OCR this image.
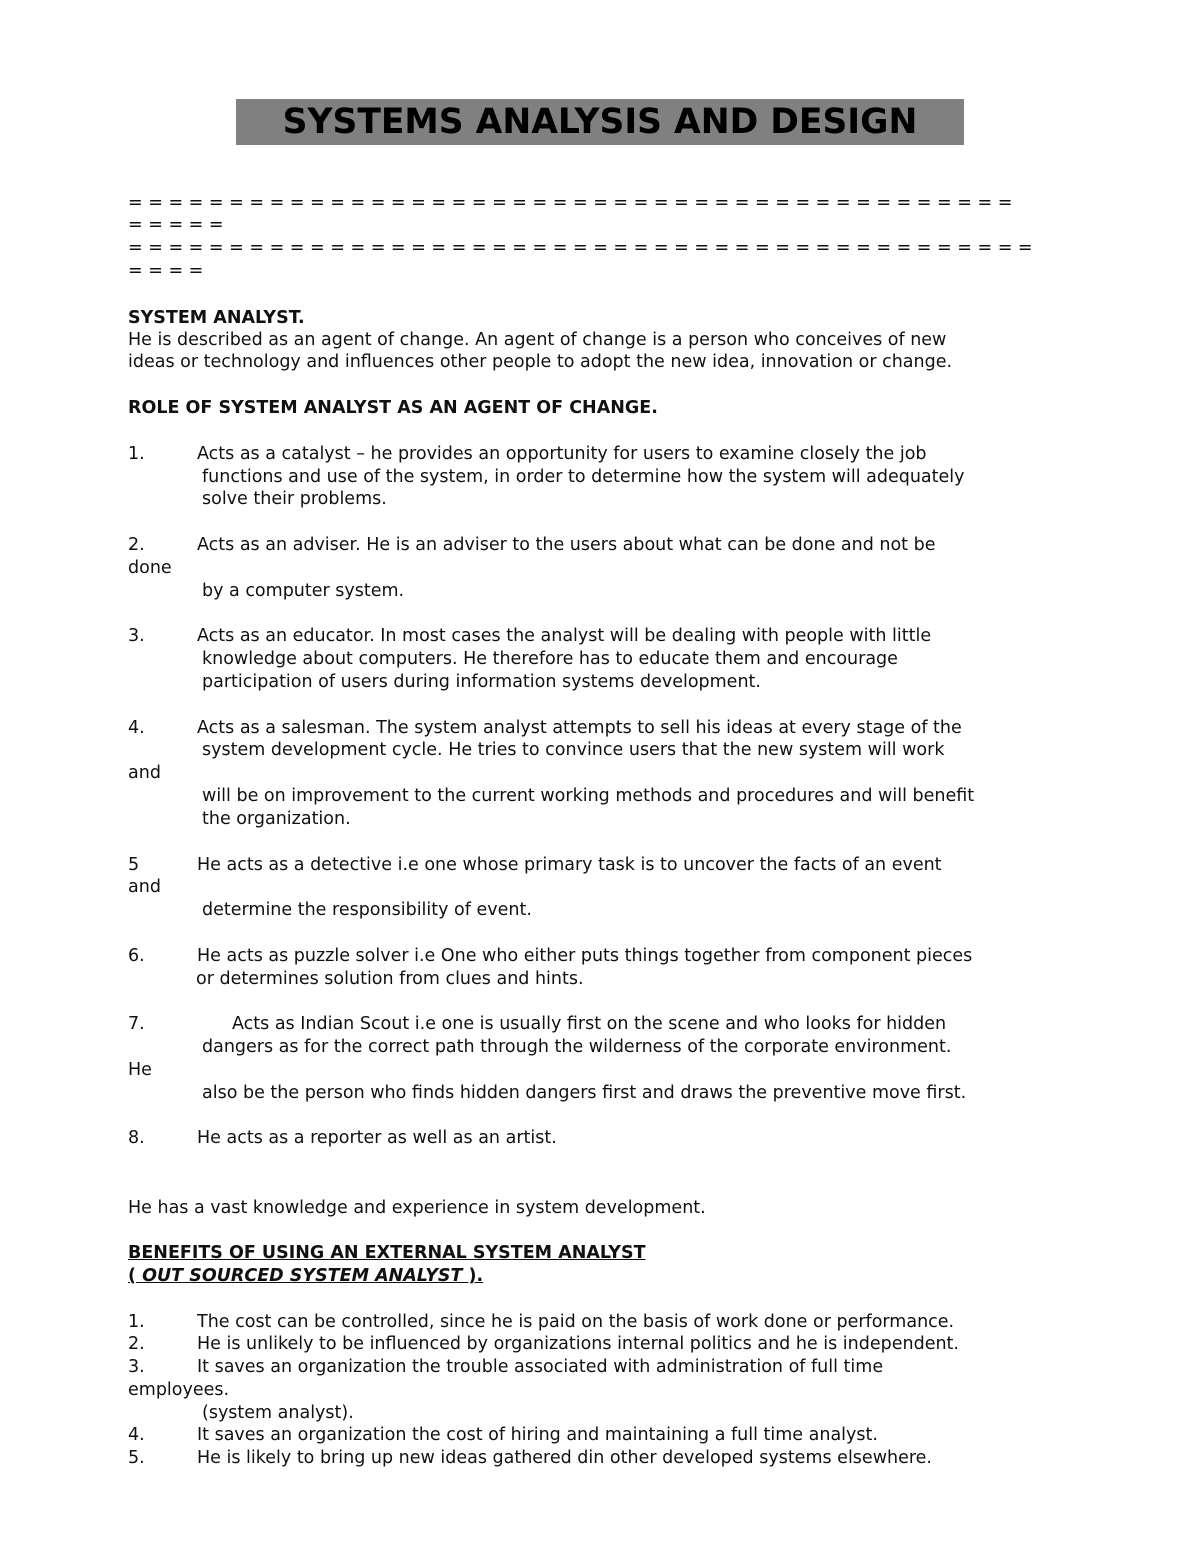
SYSTEMS ANALYSIS AND DESIGN
= = = = = = = = = = = = = = = = = = = = = = = = = = = = = = = = = = = = = = = = = = = =
= = = = =
= = = = = = = = = = = = = = = = = = = = = = = = = = = = = = = = = = = = = = = = = = = = =
= = = =
SYSTEM ANALYST.
He is described as an agent of change. An agent of change is a person who conceives of new
ideas or technology and influences other people to adopt the new idea, innovation or change.
ROLE OF SYSTEM ANALYST AS AN AGENT OF CHANGE.
1.	Acts as a catalyst – he provides an opportunity for users to examine closely the job
functions and use of the system, in order to determine how the system will adequately
solve their problems.
2.	Acts as an adviser. He is an adviser to the users about what can be done and not be
done
by a computer system.
3.	Acts as an educator. In most cases the analyst will be dealing with people with little
knowledge about computers. He therefore has to educate them and encourage
participation of users during information systems development.
4.	Acts as a salesman. The system analyst attempts to sell his ideas at every stage of the
system development cycle. He tries to convince users that the new system will work
and
will be on improvement to the current working methods and procedures and will benefit
the organization.
5	He acts as a detective i.e one whose primary task is to uncover the facts of an event
and
determine the responsibility of event.
6.	He acts as puzzle solver i.e One who either puts things together from component pieces
or determines solution from clues and hints.
7.	Acts as Indian Scout i.e one is usually first on the scene and who looks for hidden
dangers as for the correct path through the wilderness of the corporate environment.
He
also be the person who finds hidden dangers first and draws the preventive move first.
8.	He acts as a reporter as well as an artist.
He has a vast knowledge and experience in system development.
BENEFITS OF USING AN EXTERNAL SYSTEM ANALYST
( OUT SOURCED SYSTEM ANALYST ).
1.	The cost can be controlled, since he is paid on the basis of work done or performance.
2.	He is unlikely to be influenced by organizations internal politics and he is independent.
3.	It saves an organization the trouble associated with administration of full time
employees.
(system analyst).
4.	It saves an organization the cost of hiring and maintaining a full time analyst.
5.	He is likely to bring up new ideas gathered din other developed systems elsewhere.
